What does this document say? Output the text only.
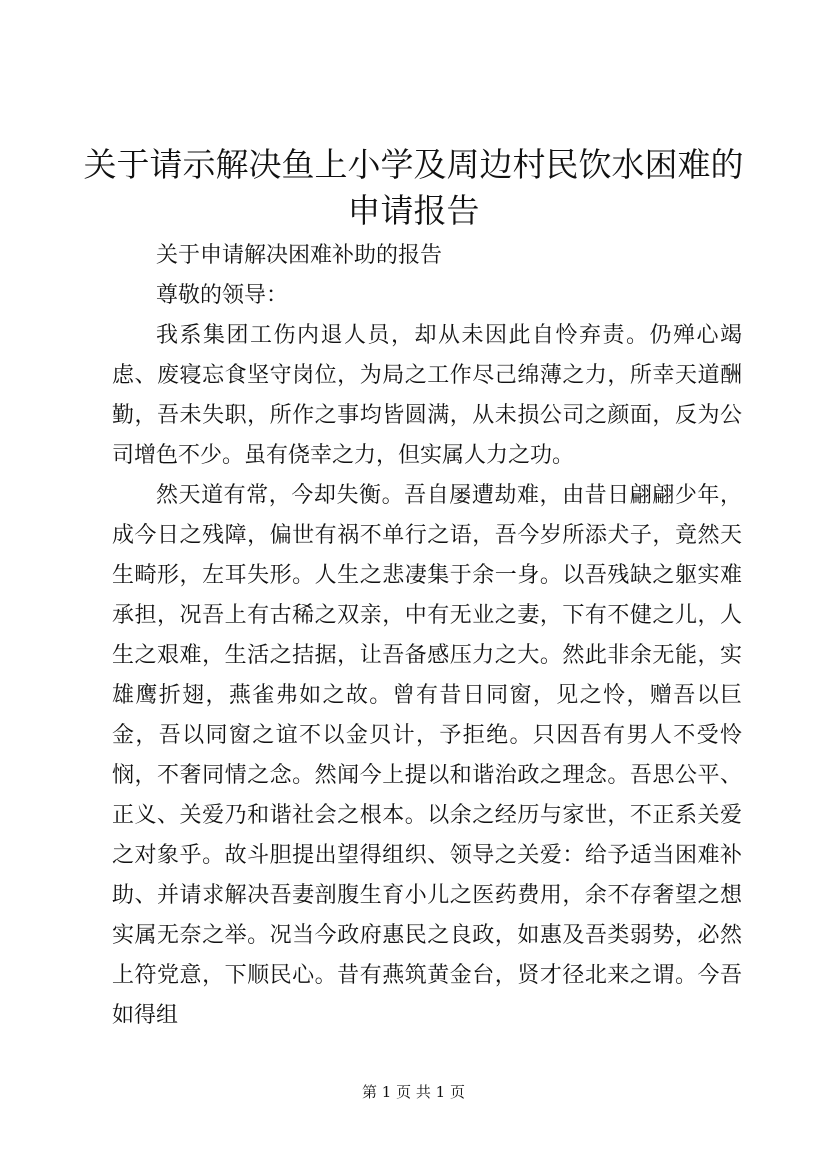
关于请示解决鱼上小学及周边村民饮水困难的
申请报告

关于申请解决困难补助的报告

尊敬的领导：

我系集团工伤内退人员，却从未因此自怜弃责。仍殚心竭虑、废寝忘食坚守岗位，为局之工作尽己绵薄之力，所幸天道酬勤，吾未失职，所作之事均皆圆满，从未损公司之颜面，反为公司增色不少。虽有侥幸之力，但实属人力之功。

然天道有常，今却失衡。吾自屡遭劫难，由昔日翩翩少年，成今日之残障，偏世有祸不单行之语，吾今岁所添犬子，竟然天生畸形，左耳失形。人生之悲凄集于余一身。以吾残缺之躯实难承担，况吾上有古稀之双亲，中有无业之妻，下有不健之儿，人生之艰难，生活之拮据，让吾备感压力之大。然此非余无能，实雄鹰折翅，燕雀弗如之故。曾有昔日同窗，见之怜，赠吾以巨金，吾以同窗之谊不以金贝计，予拒绝。只因吾有男人不受怜悯，不奢同情之念。然闻今上提以和谐治政之理念。吾思公平、正义、关爱乃和谐社会之根本。以余之经历与家世，不正系关爱之对象乎。故斗胆提出望得组织、领导之关爱：给予适当困难补助、并请求解决吾妻剖腹生育小儿之医药费用，余不存奢望之想实属无奈之举。况当今政府惠民之良政，如惠及吾类弱势，必然上符党意，下顺民心。昔有燕筑黄金台，贤才径北来之谓。今吾如得组

第 1 页 共 1 页
